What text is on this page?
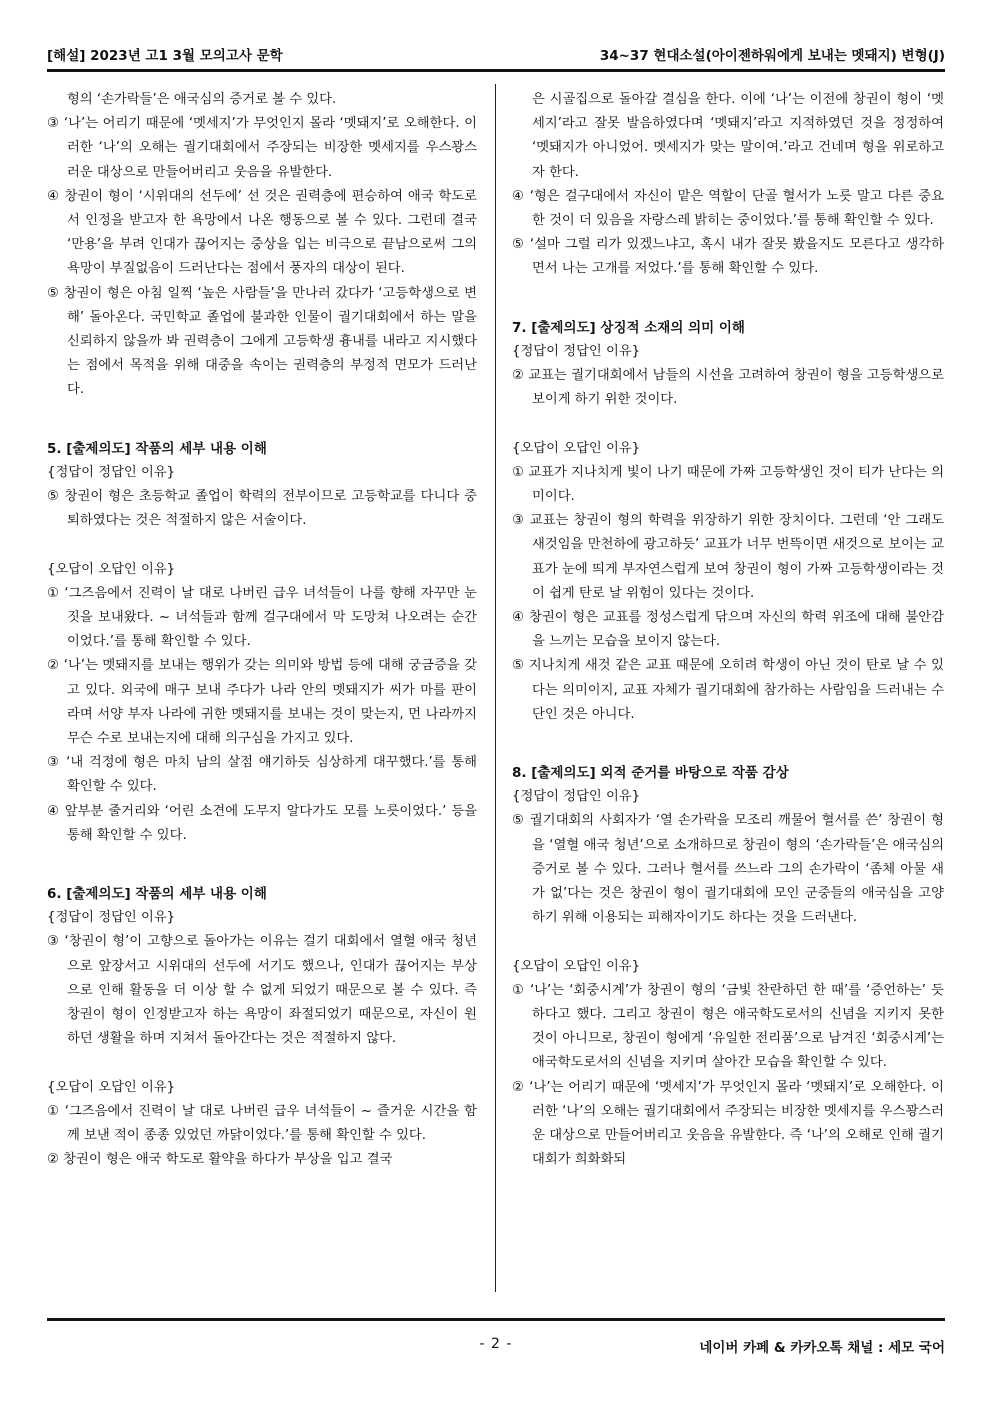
[해설] 2023년 고1 3월 모의고사 문학	34~37 현대소설(아이젠하워에게 보내는 멧돼지) 변형(J)

형의 ‘손가락들’은 애국심의 증거로 볼 수 있다.

③ ‘나’는 어리기 때문에 ‘멧세지’가 무엇인지 몰라 ‘멧돼지’로 오해한다. 이러한 ‘나’의 오해는 궐기대회에서 주장되는 비장한 멧세지를 우스꽝스러운 대상으로 만들어버리고 웃음을 유발한다.

④ 창권이 형이 ‘시위대의 선두에’ 선 것은 권력층에 편승하여 애국 학도로서 인정을 받고자 한 욕망에서 나온 행동으로 볼 수 있다. 그런데 결국 ‘만용’을 부려 인대가 끊어지는 중상을 입는 비극으로 끝남으로써 그의 욕망이 부질없음이 드러난다는 점에서 풍자의 대상이 된다.

⑤ 창권이 형은 아침 일찍 ‘높은 사람들’을 만나러 갔다가 ‘고등학생으로 변해’ 돌아온다. 국민학교 졸업에 불과한 인물이 궐기대회에서 하는 말을 신뢰하지 않을까 봐 권력층이 그에게 고등학생 흉내를 내라고 지시했다는 점에서 목적을 위해 대중을 속이는 권력층의 부정적 면모가 드러난다.

5. [출제의도] 작품의 세부 내용 이해

{정답이 정답인 이유}

⑤ 창권이 형은 초등학교 졸업이 학력의 전부이므로 고등학교를 다니다 중퇴하였다는 것은 적절하지 않은 서술이다.

{오답이 오답인 이유}

① ‘그즈음에서 진력이 날 대로 나버린 급우 녀석들이 나를 향해 자꾸만 눈짓을 보내왔다. ~ 녀석들과 함께 걸구대에서 막 도망쳐 나오려는 순간이었다.’를 통해 확인할 수 있다.

② ‘나’는 멧돼지를 보내는 행위가 갖는 의미와 방법 등에 대해 궁금증을 갖고 있다. 외국에 매구 보내 주다가 나라 안의 멧돼지가 씨가 마를 판이라며 서양 부자 나라에 귀한 멧돼지를 보내는 것이 맞는지, 먼 나라까지 무슨 수로 보내는지에 대해 의구심을 가지고 있다.

③ ‘내 걱정에 형은 마치 남의 살점 얘기하듯 심상하게 대꾸했다.’를 통해 확인할 수 있다.

④ 앞부분 줄거리와 ‘어린 소견에 도무지 알다가도 모를 노릇이었다.’ 등을 통해 확인할 수 있다.

6. [출제의도] 작품의 세부 내용 이해

{정답이 정답인 이유}

③ ‘창권이 형’이 고향으로 돌아가는 이유는 걸기 대회에서 열혈 애국 청년으로 앞장서고 시위대의 선두에 서기도 했으나, 인대가 끊어지는 부상으로 인해 활동을 더 이상 할 수 없게 되었기 때문으로 볼 수 있다. 즉 창권이 형이 인정받고자 하는 욕망이 좌절되었기 때문으로, 자신이 원하던 생활을 하며 지쳐서 돌아간다는 것은 적절하지 않다.

{오답이 오답인 이유}

① ‘그즈음에서 진력이 날 대로 나버린 급우 녀석들이 ~ 즐거운 시간을 함께 보낸 적이 종종 있었던 까닭이었다.’를 통해 확인할 수 있다.

② 창권이 형은 애국 학도로 활약을 하다가 부상을 입고 결국

은 시골집으로 돌아갈 결심을 한다. 이에 ‘나’는 이전에 창권이 형이 ‘멧세지’라고 잘못 발음하였다며 ‘멧돼지’라고 지적하였던 것을 정정하여 ‘멧돼지가 아니었어. 멧세지가 맞는 말이여.’라고 건네며 형을 위로하고자 한다.

④ ‘형은 걸구대에서 자신이 맡은 역할이 단골 혈서가 노릇 말고 다른 중요한 것이 더 있음을 자랑스레 밝히는 중이었다.’를 통해 확인할 수 있다.

⑤ ‘설마 그럴 리가 있겠느냐고, 혹시 내가 잘못 봤을지도 모른다고 생각하면서 나는 고개를 저었다.’를 통해 확인할 수 있다.

7. [출제의도] 상징적 소재의 의미 이해

{정답이 정답인 이유}

② 교표는 궐기대회에서 남들의 시선을 고려하여 창권이 형을 고등학생으로 보이게 하기 위한 것이다.

{오답이 오답인 이유}

① 교표가 지나치게 빛이 나기 때문에 가짜 고등학생인 것이 티가 난다는 의미이다.

③ 교표는 창권이 형의 학력을 위장하기 위한 장치이다. 그런데 ‘안 그래도 새것임을 만천하에 광고하듯’ 교표가 너무 번뜩이면 새것으로 보이는 교표가 눈에 띄게 부자연스럽게 보여 창권이 형이 가짜 고등학생이라는 것이 쉽게 탄로 날 위험이 있다는 것이다.

④ 창권이 형은 교표를 정성스럽게 닦으며 자신의 학력 위조에 대해 불안감을 느끼는 모습을 보이지 않는다.

⑤ 지나치게 새것 같은 교표 때문에 오히려 학생이 아닌 것이 탄로 날 수 있다는 의미이지, 교표 자체가 궐기대회에 참가하는 사람임을 드러내는 수단인 것은 아니다.

8. [출제의도] 외적 준거를 바탕으로 작품 감상

{정답이 정답인 이유}

⑤ 궐기대회의 사회자가 ‘열 손가락을 모조리 깨물어 혈서를 쓴’ 창권이 형을 ‘열혈 애국 청년’으로 소개하므로 창권이 형의 ‘손가락들’은 애국심의 증거로 볼 수 있다. 그러나 혈서를 쓰느라 그의 손가락이 ‘좀체 아물 새가 없’다는 것은 창권이 형이 궐기대회에 모인 군중들의 애국심을 고양하기 위해 이용되는 피해자이기도 하다는 것을 드러낸다.

{오답이 오답인 이유}

① ‘나’는 ‘회중시계’가 창권이 형의 ‘금빛 찬란하던 한 때’를 ‘증언하는’ 듯하다고 했다. 그리고 창권이 형은 애국학도로서의 신념을 지키지 못한 것이 아니므로, 창권이 형에게 ‘유일한 전리품’으로 남겨진 ‘회중시계’는 애국학도로서의 신념을 지키며 살아간 모습을 확인할 수 있다.

② ‘나’는 어리기 때문에 ‘멧세지’가 무엇인지 몰라 ‘멧돼지’로 오해한다. 이러한 ‘나’의 오해는 궐기대회에서 주장되는 비장한 멧세지를 우스꽝스러운 대상으로 만들어버리고 웃음을 유발한다. 즉 ‘나’의 오해로 인해 궐기대회가 희화화되

- 2 -	네이버 카페 & 카카오톡 채널 : 세모 국어
